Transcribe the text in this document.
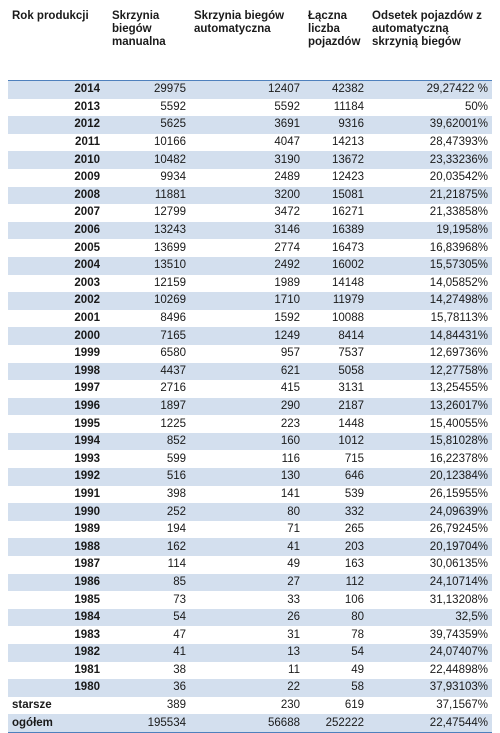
Rok produkcji	Skrzynia biegów manualna	Skrzynia biegów automatyczna	Łączna liczba pojazdów	Odsetek pojazdów z automatyczną skrzynią biegów
2014	29975	12407	42382	29,27422 %
2013	5592	5592	11184	50%
2012	5625	3691	9316	39,62001%
2011	10166	4047	14213	28,47393%
2010	10482	3190	13672	23,33236%
2009	9934	2489	12423	20,03542%
2008	11881	3200	15081	21,21875%
2007	12799	3472	16271	21,33858%
2006	13243	3146	16389	19,1958%
2005	13699	2774	16473	16,83968%
2004	13510	2492	16002	15,57305%
2003	12159	1989	14148	14,05852%
2002	10269	1710	11979	14,27498%
2001	8496	1592	10088	15,78113%
2000	7165	1249	8414	14,84431%
1999	6580	957	7537	12,69736%
1998	4437	621	5058	12,27758%
1997	2716	415	3131	13,25455%
1996	1897	290	2187	13,26017%
1995	1225	223	1448	15,40055%
1994	852	160	1012	15,81028%
1993	599	116	715	16,22378%
1992	516	130	646	20,12384%
1991	398	141	539	26,15955%
1990	252	80	332	24,09639%
1989	194	71	265	26,79245%
1988	162	41	203	20,19704%
1987	114	49	163	30,06135%
1986	85	27	112	24,10714%
1985	73	33	106	31,13208%
1984	54	26	80	32,5%
1983	47	31	78	39,74359%
1982	41	13	54	24,07407%
1981	38	11	49	22,44898%
1980	36	22	58	37,93103%
starsze	389	230	619	37,1567%
ogółem	195534	56688	252222	22,47544%
